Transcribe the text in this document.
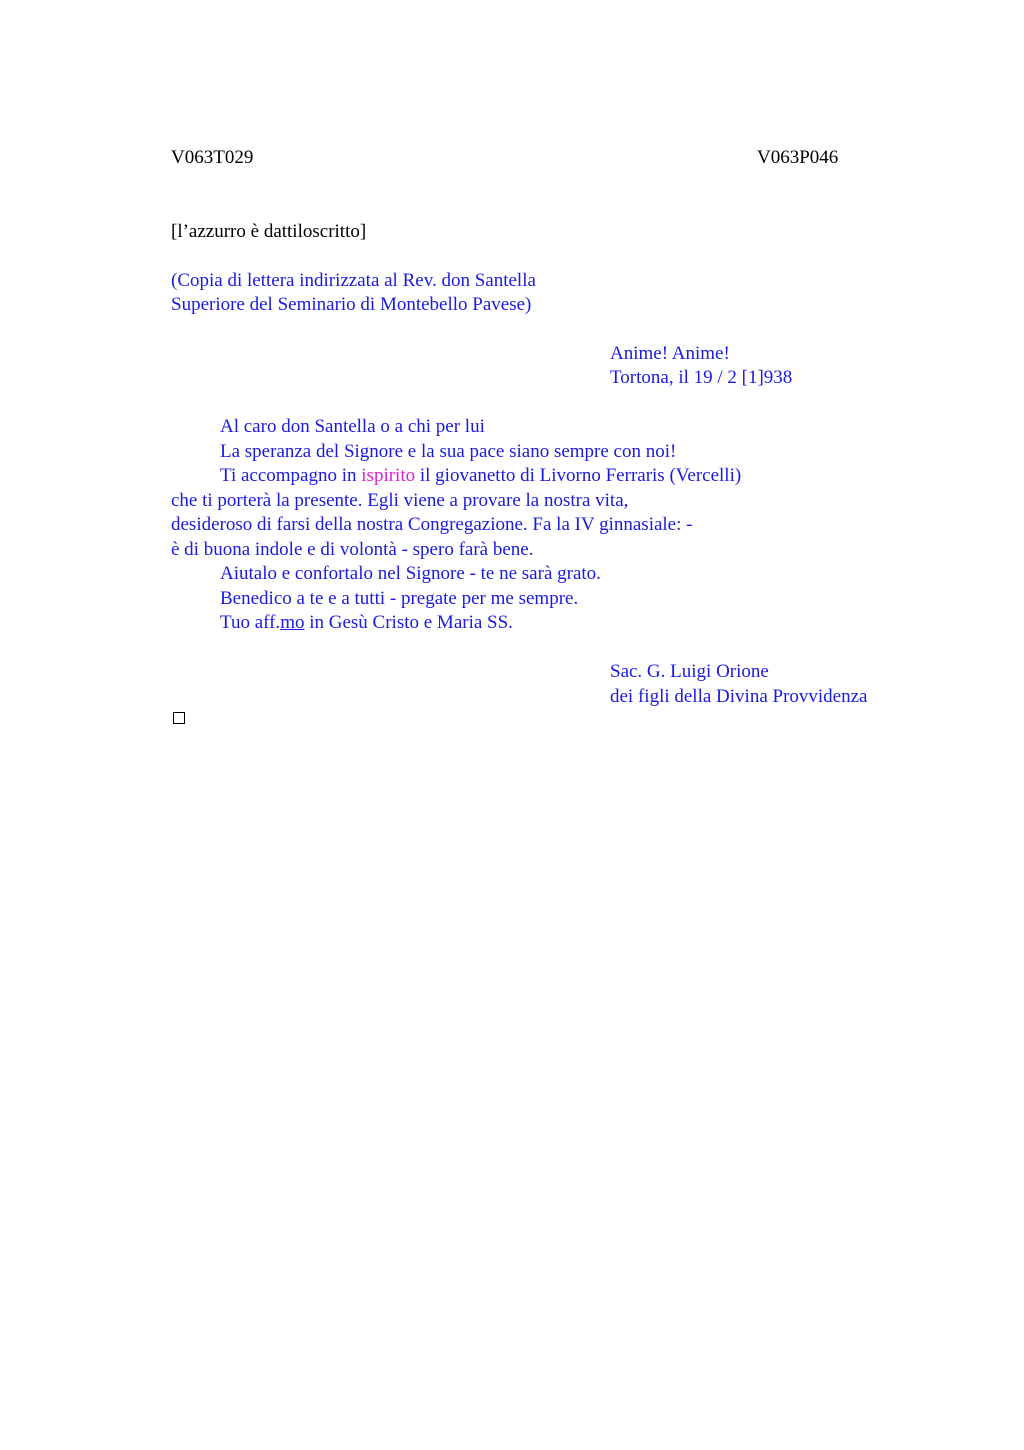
V063T029	V063P046

[l’azzurro è dattiloscritto]

(Copia di lettera indirizzata al Rev. don Santella

Superiore del Seminario di Montebello Pavese)

Anime! Anime!

Tortona, il 19 / 2 [1]938

Al caro don Santella o a chi per lui

La speranza del Signore e la sua pace siano sempre con noi!

Ti accompagno in ispirito il giovanetto di Livorno Ferraris (Vercelli)

che ti porterà la presente. Egli viene a provare la nostra vita,

desideroso di farsi della nostra Congregazione. Fa la IV ginnasiale: -

è di buona indole e di volontà - spero farà bene.

Aiutalo e confortalo nel Signore - te ne sarà grato.

Benedico a te e a tutti - pregate per me sempre.

Tuo aff.mo in Gesù Cristo e Maria SS.

Sac. G. Luigi Orione

dei figli della Divina Provvidenza
